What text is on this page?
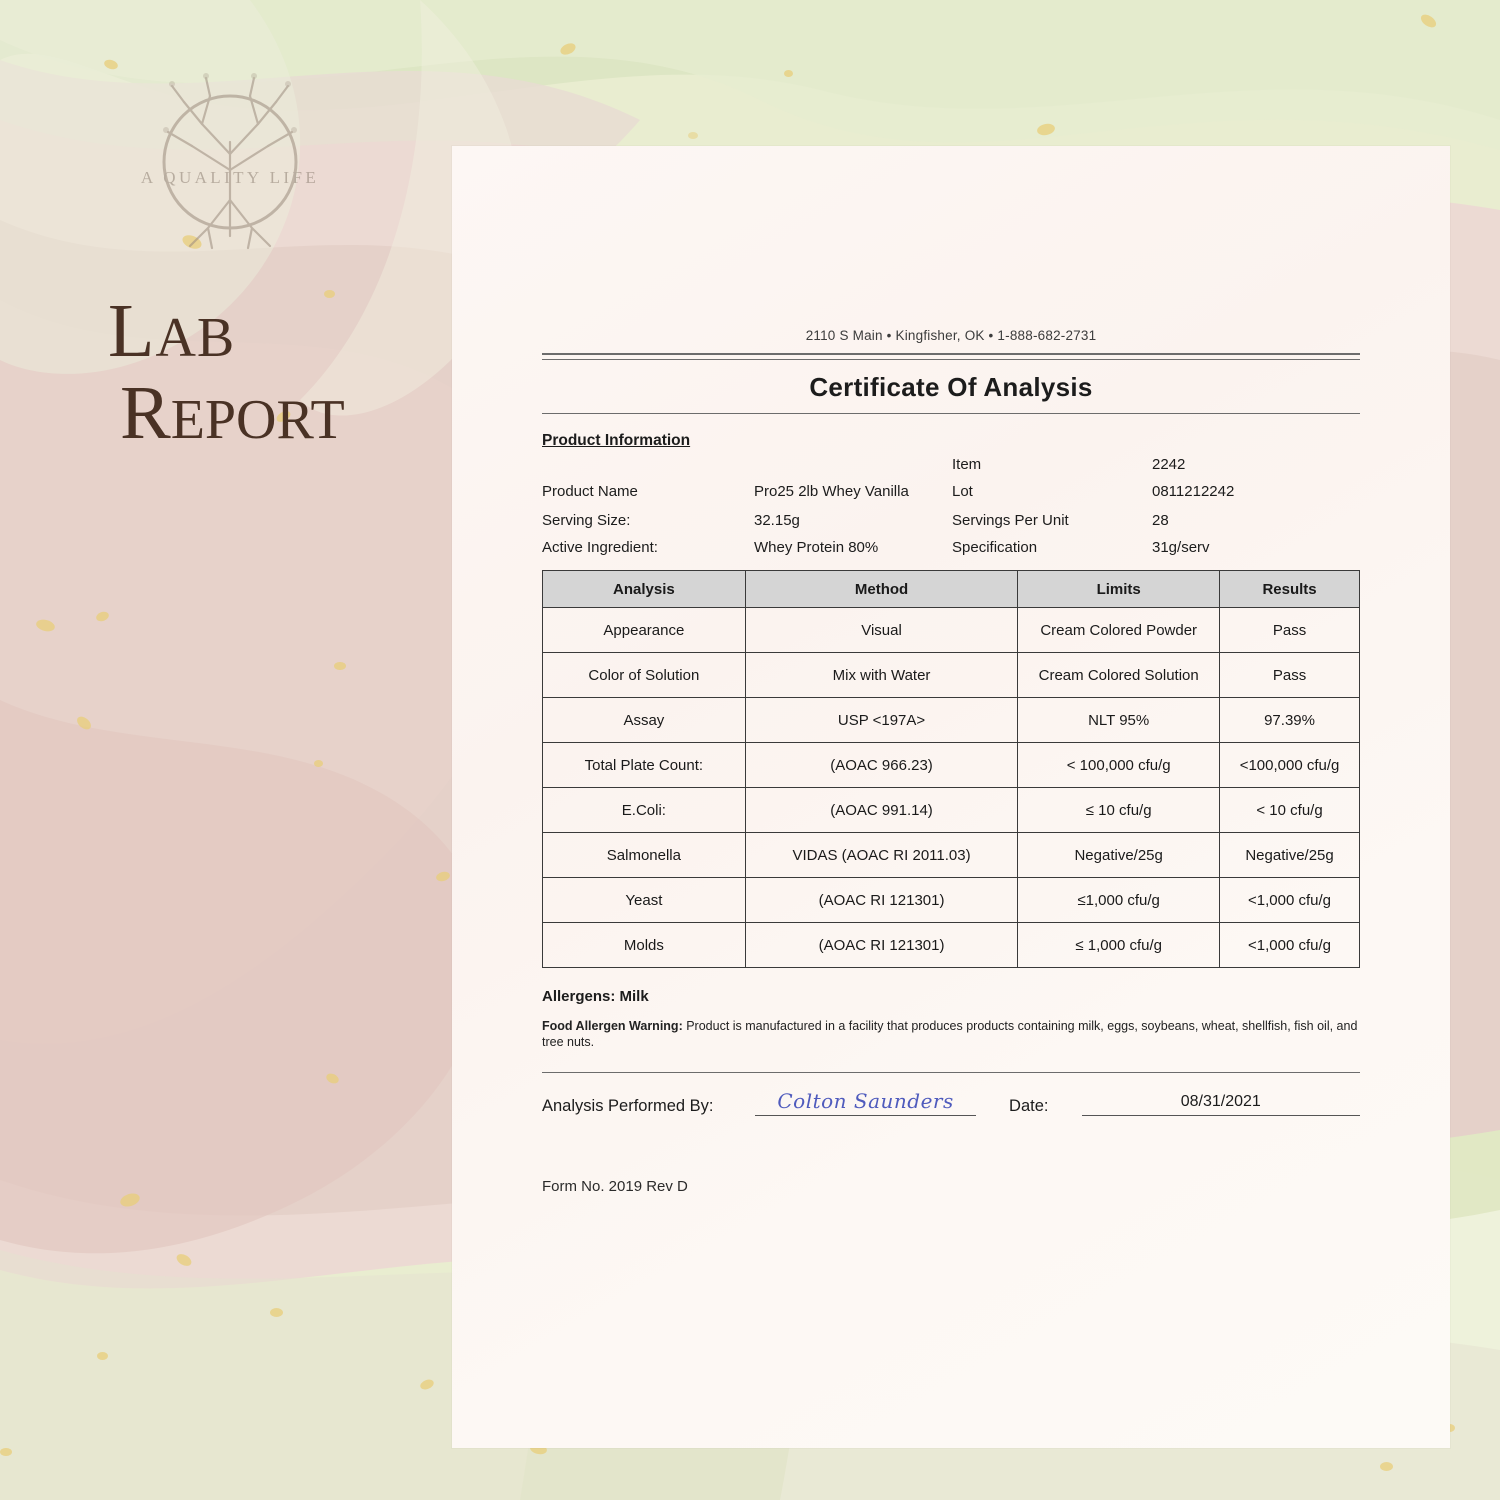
A QUALITY LIFE
LAB
REPORT
2110 S Main • Kingfisher, OK • 1-888-682-2731
Certificate Of Analysis
Product Information
Item	2242
Product Name	Pro25 2lb Whey Vanilla	Lot	0811212242
Serving Size:	32.15g	Servings Per Unit	28
Active Ingredient:	Whey Protein 80%	Specification	31g/serv
Analysis	Method	Limits	Results
Appearance	Visual	Cream Colored Powder	Pass
Color of Solution	Mix with Water	Cream Colored Solution	Pass
Assay	USP <197A>	NLT 95%	97.39%
Total Plate Count:	(AOAC 966.23)	< 100,000 cfu/g	<100,000 cfu/g
E.Coli:	(AOAC 991.14)	≤ 10 cfu/g	< 10 cfu/g
Salmonella	VIDAS (AOAC RI 2011.03)	Negative/25g	Negative/25g
Yeast	(AOAC RI 121301)	≤1,000 cfu/g	<1,000 cfu/g
Molds	(AOAC RI 121301)	≤ 1,000 cfu/g	<1,000 cfu/g
Allergens: Milk
Food Allergen Warning: Product is manufactured in a facility that produces products containing milk, eggs, soybeans, wheat, shellfish, fish oil, and tree nuts.
Analysis Performed By:	Colton Saunders	Date:	08/31/2021
Form No. 2019 Rev D
